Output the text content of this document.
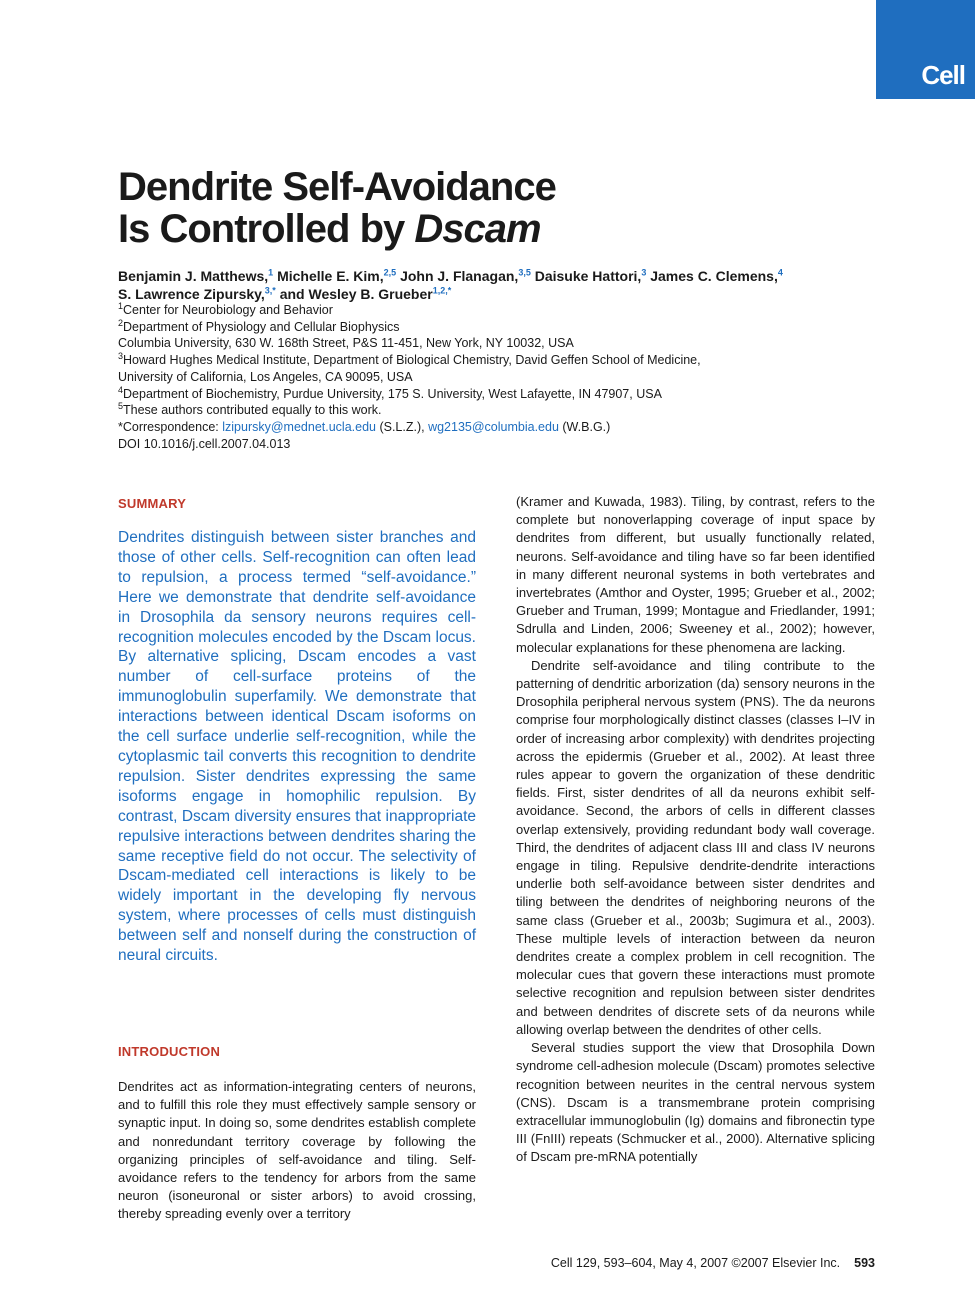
Cell
Dendrite Self-Avoidance
Is Controlled by Dscam
Benjamin J. Matthews,$^1$ Michelle E. Kim,$^{2,5}$ John J. Flanagan,$^{3,5}$ Daisuke Hattori,$^3$ James C. Clemens,$^4$
S. Lawrence Zipursky,$^{3,*}$ and Wesley B. Grueber$^{1,2,*}$
$^1$Center for Neurobiology and Behavior
$^2$Department of Physiology and Cellular Biophysics
Columbia University, 630 W. 168th Street, P&S 11-451, New York, NY 10032, USA
$^3$Howard Hughes Medical Institute, Department of Biological Chemistry, David Geffen School of Medicine,
University of California, Los Angeles, CA 90095, USA
$^4$Department of Biochemistry, Purdue University, 175 S. University, West Lafayette, IN 47907, USA
$^5$These authors contributed equally to this work.
*Correspondence: lzipursky@mednet.ucla.edu (S.L.Z.), wg2135@columbia.edu (W.B.G.)
DOI 10.1016/j.cell.2007.04.013
SUMMARY

Dendrites distinguish between sister branches and those of other cells. Self-recognition can often lead to repulsion, a process termed “self-avoidance.” Here we demonstrate that dendrite self-avoidance in Drosophila da sensory neurons requires cell-recognition molecules encoded by the Dscam locus. By alternative splicing, Dscam encodes a vast number of cell-surface proteins of the immunoglobulin superfamily. We demonstrate that interactions between identical Dscam isoforms on the cell surface underlie self-recognition, while the cytoplasmic tail converts this recognition to dendrite repulsion. Sister dendrites expressing the same isoforms engage in homophilic repulsion. By contrast, Dscam diversity ensures that inappropriate repulsive interactions between dendrites sharing the same receptive field do not occur. The selectivity of Dscam-mediated cell interactions is likely to be widely important in the developing fly nervous system, where processes of cells must distinguish between self and nonself during the construction of neural circuits.

INTRODUCTION

Dendrites act as information-integrating centers of neurons, and to fulfill this role they must effectively sample sensory or synaptic input. In doing so, some dendrites establish complete and nonredundant territory coverage by following the organizing principles of self-avoidance and tiling. Self-avoidance refers to the tendency for arbors from the same neuron (isoneuronal or sister arbors) to avoid crossing, thereby spreading evenly over a territory

(Kramer and Kuwada, 1983). Tiling, by contrast, refers to the complete but nonoverlapping coverage of input space by dendrites from different, but usually functionally related, neurons. Self-avoidance and tiling have so far been identified in many different neuronal systems in both vertebrates and invertebrates (Amthor and Oyster, 1995; Grueber et al., 2002; Grueber and Truman, 1999; Montague and Friedlander, 1991; Sdrulla and Linden, 2006; Sweeney et al., 2002); however, molecular explanations for these phenomena are lacking.

Dendrite self-avoidance and tiling contribute to the patterning of dendritic arborization (da) sensory neurons in the Drosophila peripheral nervous system (PNS). The da neurons comprise four morphologically distinct classes (classes I–IV in order of increasing arbor complexity) with dendrites projecting across the epidermis (Grueber et al., 2002). At least three rules appear to govern the organization of these dendritic fields. First, sister dendrites of all da neurons exhibit self-avoidance. Second, the arbors of cells in different classes overlap extensively, providing redundant body wall coverage. Third, the dendrites of adjacent class III and class IV neurons engage in tiling. Repulsive dendrite-dendrite interactions underlie both self-avoidance between sister dendrites and tiling between the dendrites of neighboring neurons of the same class (Grueber et al., 2003b; Sugimura et al., 2003). These multiple levels of interaction between da neuron dendrites create a complex problem in cell recognition. The molecular cues that govern these interactions must promote selective recognition and repulsion between sister dendrites and between dendrites of discrete sets of da neurons while allowing overlap between the dendrites of other cells.

Several studies support the view that Drosophila Down syndrome cell-adhesion molecule (Dscam) promotes selective recognition between neurites in the central nervous system (CNS). Dscam is a transmembrane protein comprising extracellular immunoglobulin (Ig) domains and fibronectin type III (FnIII) repeats (Schmucker et al., 2000). Alternative splicing of Dscam pre-mRNA potentially

Cell 129, 593–604, May 4, 2007 ©2007 Elsevier Inc. 593
